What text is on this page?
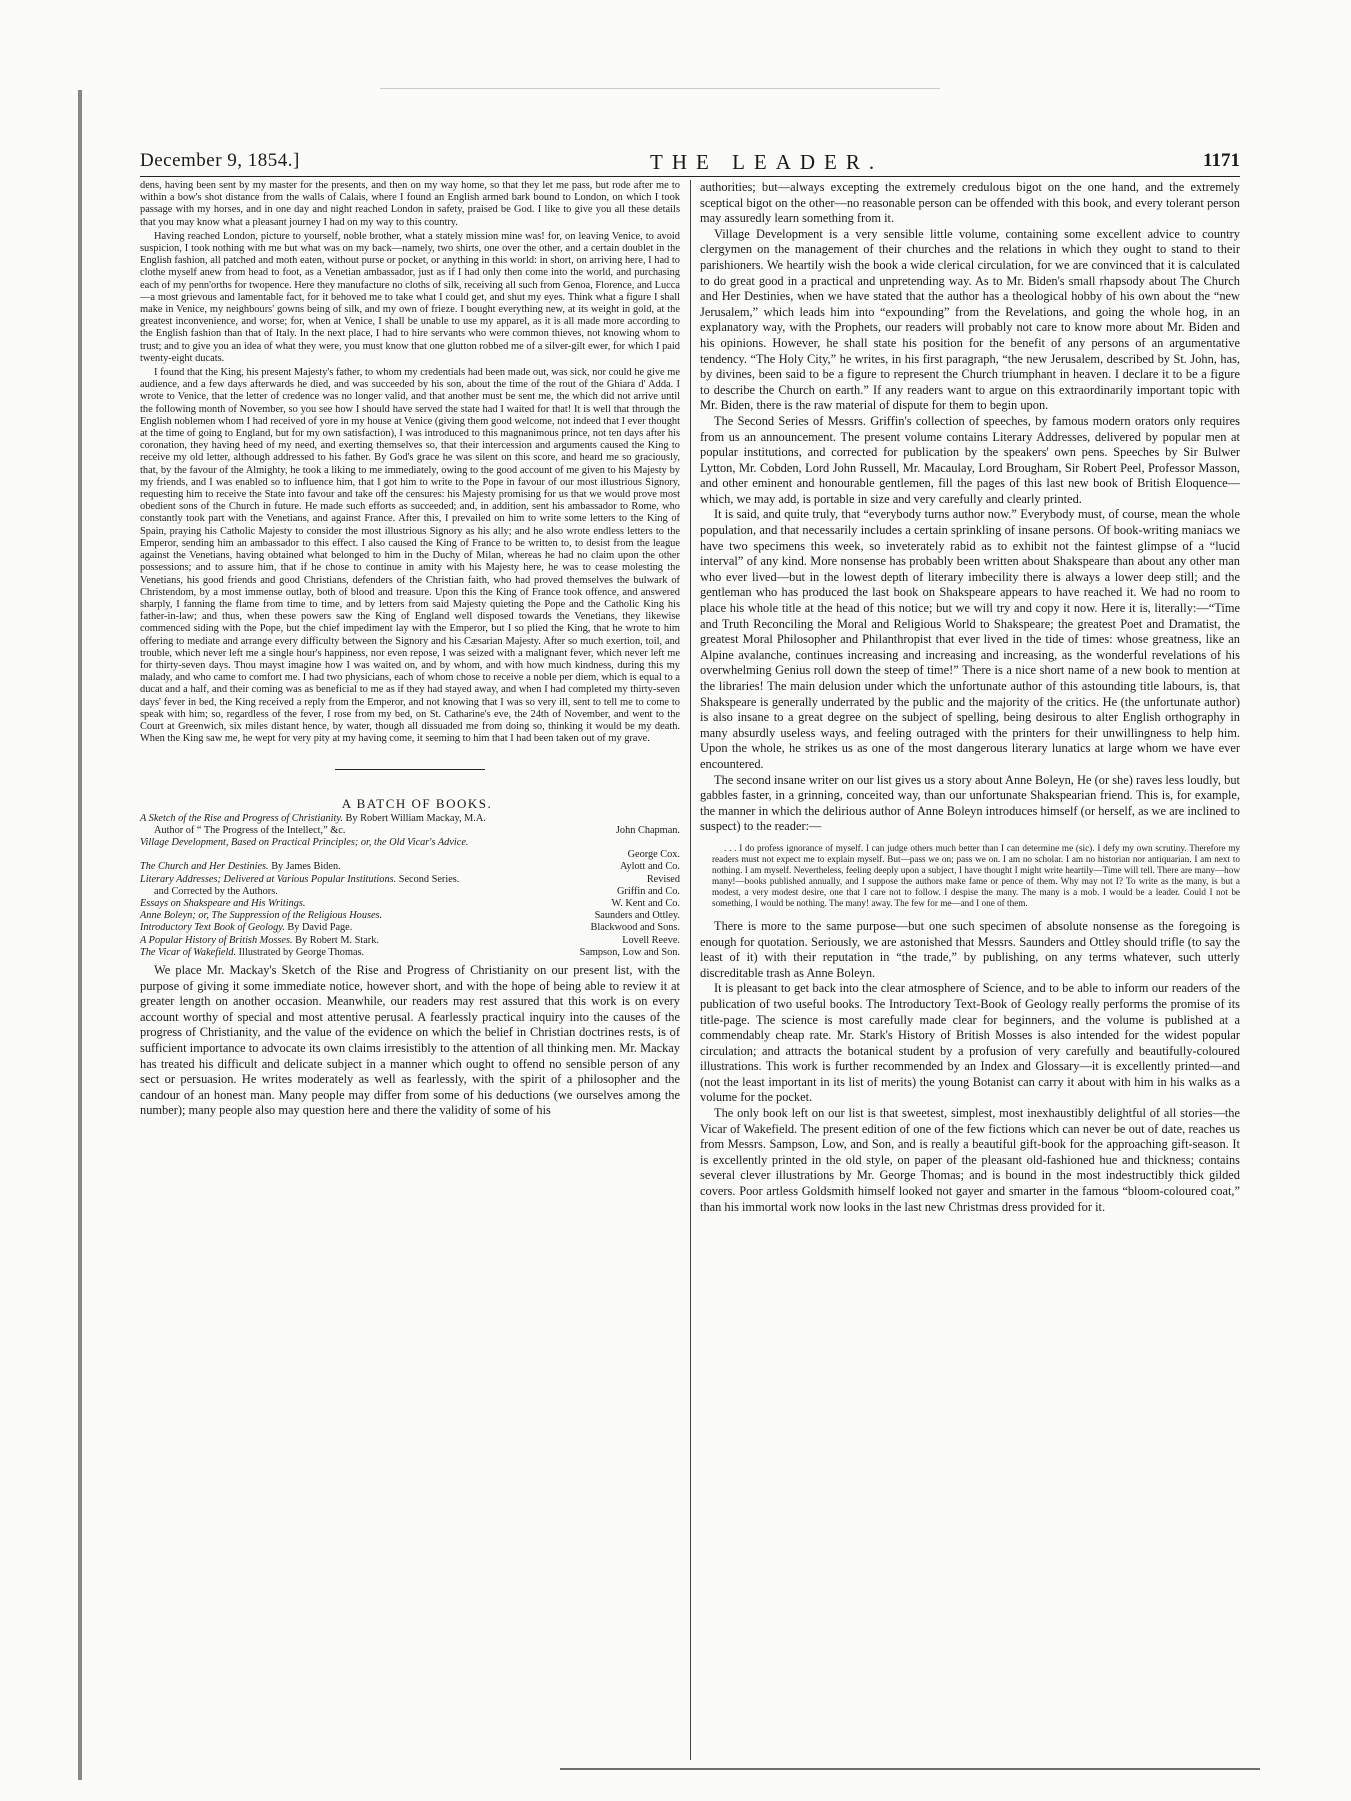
December 9, 1854.]	THE LEADER.	1171

dens, having been sent by my master for the presents, and then on my way home, so that they let me pass, but rode after me to within a bow's shot distance from the walls of Calais, where I found an English armed bark bound to London, on which I took passage with my horses, and in one day and night reached London in safety, praised be God. I like to give you all these details that you may know what a pleasant journey I had on my way to this country.

Having reached London, picture to yourself, noble brother, what a stately mission mine was! for, on leaving Venice, to avoid suspicion, I took nothing with me but what was on my back—namely, two shirts, one over the other, and a certain doublet in the English fashion, all patched and moth eaten, without purse or pocket, or anything in this world: in short, on arriving here, I had to clothe myself anew from head to foot, as a Venetian ambassador, just as if I had only then come into the world, and purchasing each of my penn'orths for twopence. Here they manufacture no cloths of silk, receiving all such from Genoa, Florence, and Lucca—a most grievous and lamentable fact, for it behoved me to take what I could get, and shut my eyes. Think what a figure I shall make in Venice, my neighbours' gowns being of silk, and my own of frieze. I bought everything new, at its weight in gold, at the greatest inconvenience, and worse; for, when at Venice, I shall be unable to use my apparel, as it is all made more according to the English fashion than that of Italy. In the next place, I had to hire servants who were common thieves, not knowing whom to trust; and to give you an idea of what they were, you must know that one glutton robbed me of a silver-gilt ewer, for which I paid twenty-eight ducats.

I found that the King, his present Majesty's father, to whom my credentials had been made out, was sick, nor could he give me audience, and a few days afterwards he died, and was succeeded by his son, about the time of the rout of the Ghiara d' Adda. I wrote to Venice, that the letter of credence was no longer valid, and that another must be sent me, the which did not arrive until the following month of November, so you see how I should have served the state had I waited for that! It is well that through the English noblemen whom I had received of yore in my house at Venice (giving them good welcome, not indeed that I ever thought at the time of going to England, but for my own satisfaction), I was introduced to this magnanimous prince, not ten days after his coronation, they having heed of my need, and exerting themselves so, that their intercession and arguments caused the King to receive my old letter, although addressed to his father. By God's grace he was silent on this score, and heard me so graciously, that, by the favour of the Almighty, he took a liking to me immediately, owing to the good account of me given to his Majesty by my friends, and I was enabled so to influence him, that I got him to write to the Pope in favour of our most illustrious Signory, requesting him to receive the State into favour and take off the censures: his Majesty promising for us that we would prove most obedient sons of the Church in future. He made such efforts as succeeded; and, in addition, sent his ambassador to Rome, who constantly took part with the Venetians, and against France. After this, I prevailed on him to write some letters to the King of Spain, praying his Catholic Majesty to consider the most illustrious Signory as his ally; and he also wrote endless letters to the Emperor, sending him an ambassador to this effect. I also caused the King of France to be written to, to desist from the league against the Venetians, having obtained what belonged to him in the Duchy of Milan, whereas he had no claim upon the other possessions; and to assure him, that if he chose to continue in amity with his Majesty here, he was to cease molesting the Venetians, his good friends and good Christians, defenders of the Christian faith, who had proved themselves the bulwark of Christendom, by a most immense outlay, both of blood and treasure. Upon this the King of France took offence, and answered sharply, I fanning the flame from time to time, and by letters from said Majesty quieting the Pope and the Catholic King his father-in-law; and thus, when these powers saw the King of England well disposed towards the Venetians, they likewise commenced siding with the Pope, but the chief impediment lay with the Emperor, but I so plied the King, that he wrote to him offering to mediate and arrange every difficulty between the Signory and his Cæsarian Majesty. After so much exertion, toil, and trouble, which never left me a single hour's happiness, nor even repose, I was seized with a malignant fever, which never left me for thirty-seven days. Thou mayst imagine how I was waited on, and by whom, and with how much kindness, during this my malady, and who came to comfort me. I had two physicians, each of whom chose to receive a noble per diem, which is equal to a ducat and a half, and their coming was as beneficial to me as if they had stayed away, and when I had completed my thirty-seven days' fever in bed, the King received a reply from the Emperor, and not knowing that I was so very ill, sent to tell me to come to speak with him; so, regardless of the fever, I rose from my bed, on St. Catharine's eve, the 24th of November, and went to the Court at Greenwich, six miles distant hence, by water, though all dissuaded me from doing so, thinking it would be my death. When the King saw me, he wept for very pity at my having come, it seeming to him that I had been taken out of my grave.

A BATCH OF BOOKS.

A Sketch of the Rise and Progress of Christianity. By Robert William Mackay, M.A.
Author of “ The Progress of the Intellect,” &c.	John Chapman.
Village Development, Based on Practical Principles; or, the Old Vicar's Advice.
George Cox.
The Church and Her Destinies. By James Biden.	Aylott and Co.
Literary Addresses; Delivered at Various Popular Institutions. Second Series.	Revised
and Corrected by the Authors.	Griffin and Co.
Essays on Shakspeare and His Writings.	W. Kent and Co.
Anne Boleyn; or, The Suppression of the Religious Houses.	Saunders and Ottley.
Introductory Text Book of Geology. By David Page.	Blackwood and Sons.
A Popular History of British Mosses. By Robert M. Stark.	Lovell Reeve.
The Vicar of Wakefield. Illustrated by George Thomas.	Sampson, Low and Son.

We place Mr. Mackay's Sketch of the Rise and Progress of Christianity on our present list, with the purpose of giving it some immediate notice, however short, and with the hope of being able to review it at greater length on another occasion. Meanwhile, our readers may rest assured that this work is on every account worthy of special and most attentive perusal. A fearlessly practical inquiry into the causes of the progress of Christianity, and the value of the evidence on which the belief in Christian doctrines rests, is of sufficient importance to advocate its own claims irresistibly to the attention of all thinking men. Mr. Mackay has treated his difficult and delicate subject in a manner which ought to offend no sensible person of any sect or persuasion. He writes moderately as well as fearlessly, with the spirit of a philosopher and the candour of an honest man. Many people may differ from some of his deductions (we ourselves among the number); many people also may question here and there the validity of some of his

authorities; but—always excepting the extremely credulous bigot on the one hand, and the extremely sceptical bigot on the other—no reasonable person can be offended with this book, and every tolerant person may assuredly learn something from it.

Village Development is a very sensible little volume, containing some excellent advice to country clergymen on the management of their churches and the relations in which they ought to stand to their parishioners. We heartily wish the book a wide clerical circulation, for we are convinced that it is calculated to do great good in a practical and unpretending way. As to Mr. Biden's small rhapsody about The Church and Her Destinies, when we have stated that the author has a theological hobby of his own about the “new Jerusalem,” which leads him into “expounding” from the Revelations, and going the whole hog, in an explanatory way, with the Prophets, our readers will probably not care to know more about Mr. Biden and his opinions. However, he shall state his position for the benefit of any persons of an argumentative tendency. “The Holy City,” he writes, in his first paragraph, “the new Jerusalem, described by St. John, has, by divines, been said to be a figure to represent the Church triumphant in heaven. I declare it to be a figure to describe the Church on earth.” If any readers want to argue on this extraordinarily important topic with Mr. Biden, there is the raw material of dispute for them to begin upon.

The Second Series of Messrs. Griffin's collection of speeches, by famous modern orators only requires from us an announcement. The present volume contains Literary Addresses, delivered by popular men at popular institutions, and corrected for publication by the speakers' own pens. Speeches by Sir Bulwer Lytton, Mr. Cobden, Lord John Russell, Mr. Macaulay, Lord Brougham, Sir Robert Peel, Professor Masson, and other eminent and honourable gentlemen, fill the pages of this last new book of British Eloquence—which, we may add, is portable in size and very carefully and clearly printed.

It is said, and quite truly, that “everybody turns author now.” Everybody must, of course, mean the whole population, and that necessarily includes a certain sprinkling of insane persons. Of book-writing maniacs we have two specimens this week, so inveterately rabid as to exhibit not the faintest glimpse of a “lucid interval” of any kind. More nonsense has probably been written about Shakspeare than about any other man who ever lived—but in the lowest depth of literary imbecility there is always a lower deep still; and the gentleman who has produced the last book on Shakspeare appears to have reached it. We had no room to place his whole title at the head of this notice; but we will try and copy it now. Here it is, literally:—“Time and Truth Reconciling the Moral and Religious World to Shakspeare; the greatest Poet and Dramatist, the greatest Moral Philosopher and Philanthropist that ever lived in the tide of times: whose greatness, like an Alpine avalanche, continues increasing and increasing and increasing, as the wonderful revelations of his overwhelming Genius roll down the steep of time!” There is a nice short name of a new book to mention at the libraries! The main delusion under which the unfortunate author of this astounding title labours, is, that Shakspeare is generally underrated by the public and the majority of the critics. He (the unfortunate author) is also insane to a great degree on the subject of spelling, being desirous to alter English orthography in many absurdly useless ways, and feeling outraged with the printers for their unwillingness to help him. Upon the whole, he strikes us as one of the most dangerous literary lunatics at large whom we have ever encountered.

The second insane writer on our list gives us a story about Anne Boleyn, He (or she) raves less loudly, but gabbles faster, in a grinning, conceited way, than our unfortunate Shakspearian friend. This is, for example, the manner in which the delirious author of Anne Boleyn introduces himself (or herself, as we are inclined to suspect) to the reader:—

. . . I do profess ignorance of myself. I can judge others much better than I can determine me (sic). I defy my own scrutiny. Therefore my readers must not expect me to explain myself. But—pass we on; pass we on. I am no scholar. I am no historian nor antiquarian. I am next to nothing. I am myself. Nevertheless, feeling deeply upon a subject, I have thought I might write heartily—Time will tell. There are many—how many!—books published annually, and I suppose the authors make fame or pence of them. Why may not I? To write as the many, is but a modest, a very modest desire, one that I care not to follow. I despise the many. The many is a mob. I would be a leader. Could I not be something, I would be nothing. The many! away. The few for me—and I one of them.

There is more to the same purpose—but one such specimen of absolute nonsense as the foregoing is enough for quotation. Seriously, we are astonished that Messrs. Saunders and Ottley should trifle (to say the least of it) with their reputation in “the trade,” by publishing, on any terms whatever, such utterly discreditable trash as Anne Boleyn.

It is pleasant to get back into the clear atmosphere of Science, and to be able to inform our readers of the publication of two useful books. The Introductory Text-Book of Geology really performs the promise of its title-page. The science is most carefully made clear for beginners, and the volume is published at a commendably cheap rate. Mr. Stark's History of British Mosses is also intended for the widest popular circulation; and attracts the botanical student by a profusion of very carefully and beautifully-coloured illustrations. This work is further recommended by an Index and Glossary—it is excellently printed—and (not the least important in its list of merits) the young Botanist can carry it about with him in his walks as a volume for the pocket.

The only book left on our list is that sweetest, simplest, most inexhaustibly delightful of all stories—the Vicar of Wakefield. The present edition of one of the few fictions which can never be out of date, reaches us from Messrs. Sampson, Low, and Son, and is really a beautiful gift-book for the approaching gift-season. It is excellently printed in the old style, on paper of the pleasant old-fashioned hue and thickness; contains several clever illustrations by Mr. George Thomas; and is bound in the most indestructibly thick gilded covers. Poor artless Goldsmith himself looked not gayer and smarter in the famous “bloom-coloured coat,” than his immortal work now looks in the last new Christmas dress provided for it.
